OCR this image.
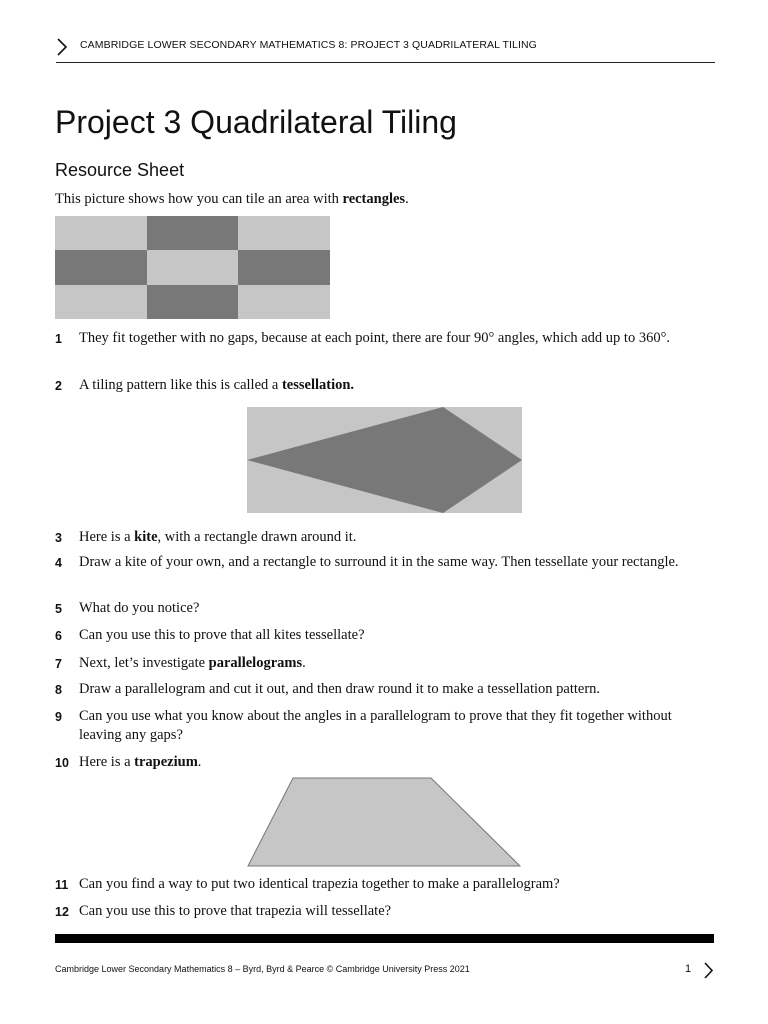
CAMBRIDGE LOWER SECONDARY MATHEMATICS 8: PROJECT 3 QUADRILATERAL TILING
Project 3 Quadrilateral Tiling
Resource Sheet

This picture shows how you can tile an area with rectangles.

1 They fit together with no gaps, because at each point, there are four 90° angles, which add up to 360°.
2 A tiling pattern like this is called a tessellation.
3 Here is a kite, with a rectangle drawn around it.
4 Draw a kite of your own, and a rectangle to surround it in the same way. Then tessellate your rectangle.
5 What do you notice?
6 Can you use this to prove that all kites tessellate?
7 Next, let’s investigate parallelograms.
8 Draw a parallelogram and cut it out, and then draw round it to make a tessellation pattern.
9 Can you use what you know about the angles in a parallelogram to prove that they fit together without leaving any gaps?
10 Here is a trapezium.
11 Can you find a way to put two identical trapezia together to make a parallelogram?
12 Can you use this to prove that trapezia will tessellate?
Cambridge Lower Secondary Mathematics 8 – Byrd, Byrd & Pearce © Cambridge University Press 2021	1
